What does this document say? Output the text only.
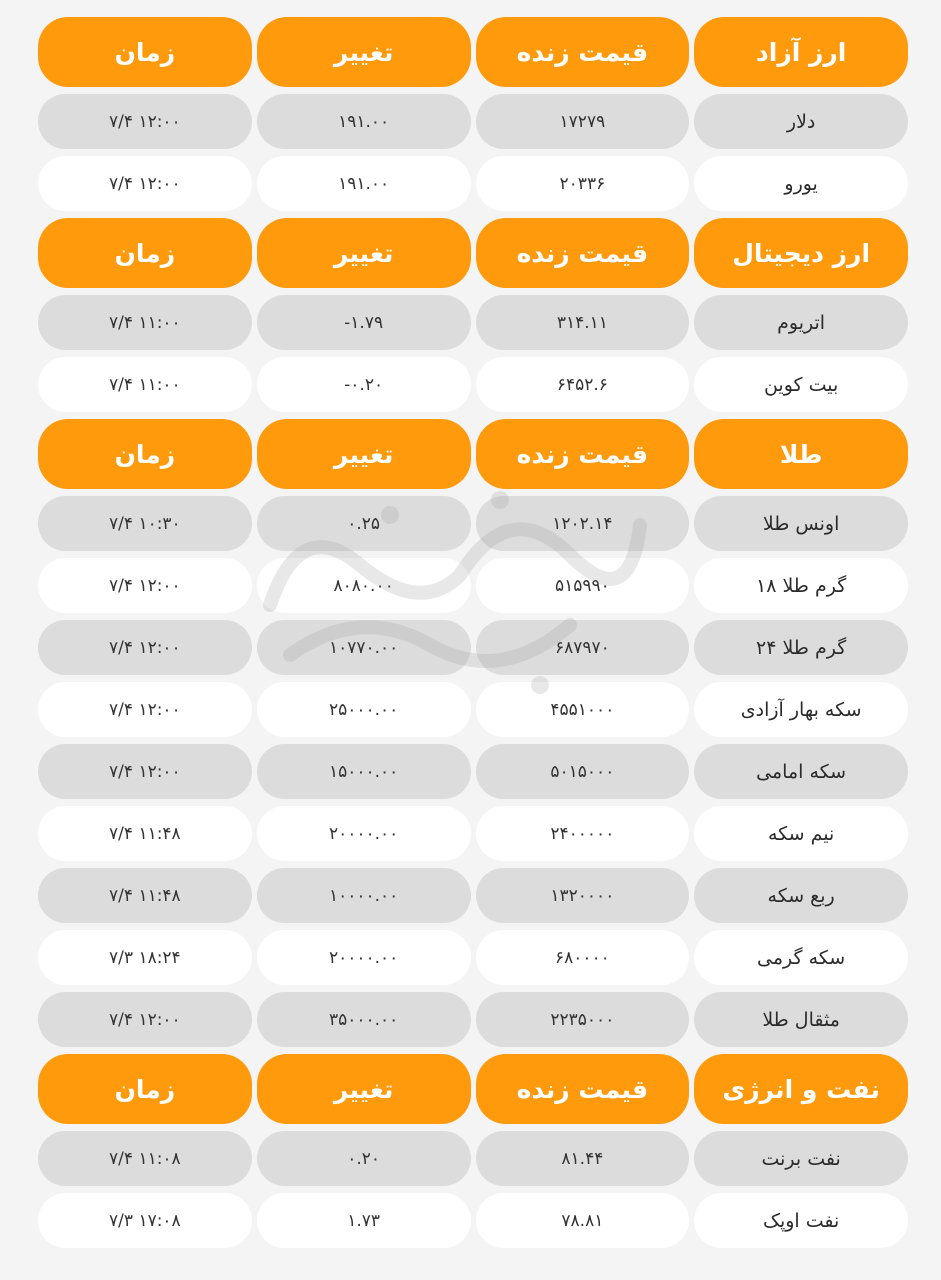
ارز آزاد
قیمت زنده
تغییر
زمان
دلار
۱۷۲۷۹
۱۹۱.۰۰
۷/۴ ۱۲:۰۰
یورو
۲۰۳۳۶
۱۹۱.۰۰
۷/۴ ۱۲:۰۰
ارز دیجیتال
قیمت زنده
تغییر
زمان
اتریوم
۳۱۴.۱۱
-۱.۷۹
۷/۴ ۱۱:۰۰
بیت کوین
۶۴۵۲.۶
-۰.۲۰
۷/۴ ۱۱:۰۰
طلا
قیمت زنده
تغییر
زمان
اونس طلا
۱۲۰۲.۱۴
۰.۲۵
۷/۴ ۱۰:۳۰
گرم طلا ۱۸
۵۱۵۹۹۰
۸۰۸۰.۰۰
۷/۴ ۱۲:۰۰
گرم طلا ۲۴
۶۸۷۹۷۰
۱۰۷۷۰.۰۰
۷/۴ ۱۲:۰۰
سکه بهار آزادی
۴۵۵۱۰۰۰
۲۵۰۰۰.۰۰
۷/۴ ۱۲:۰۰
سکه امامی
۵۰۱۵۰۰۰
۱۵۰۰۰.۰۰
۷/۴ ۱۲:۰۰
نیم سکه
۲۴۰۰۰۰۰
۲۰۰۰۰.۰۰
۷/۴ ۱۱:۴۸
ربع سکه
۱۳۲۰۰۰۰
۱۰۰۰۰.۰۰
۷/۴ ۱۱:۴۸
سکه گرمی
۶۸۰۰۰۰
۲۰۰۰۰.۰۰
۷/۳ ۱۸:۲۴
مثقال طلا
۲۲۳۵۰۰۰
۳۵۰۰۰.۰۰
۷/۴ ۱۲:۰۰
نفت و انرژی
قیمت زنده
تغییر
زمان
نفت برنت
۸۱.۴۴
۰.۲۰
۷/۴ ۱۱:۰۸
نفت اوپک
۷۸.۸۱
۱.۷۳
۷/۳ ۱۷:۰۸
